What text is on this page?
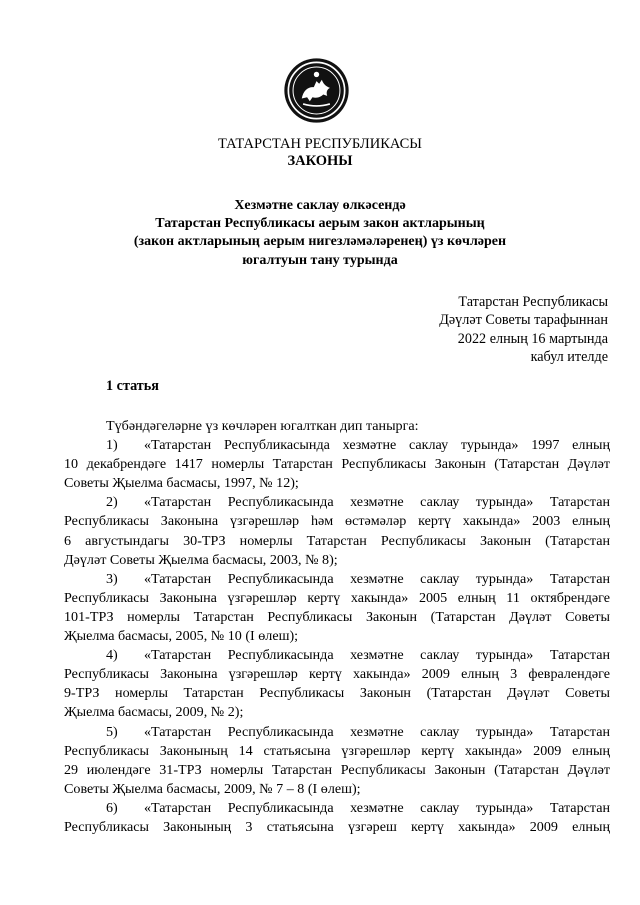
ТАТАРСТАН РЕСПУБЛИКАСЫ
ЗАКОНЫ
Хезмәтне саклау өлкәсендә
Татарстан Республикасы аерым закон актларының
(закон актларының аерым нигезләмәләренең) үз көчләрен
югалтуын тану турында
Татарстан Республикасы
Дәүләт Советы тарафыннан
2022 елның 16 мартында
кабул ителде
1 статья
Түбәндәгеләрне үз көчләрен югалткан дип танырга:
1) «Татарстан Республикасында хезмәтне саклау турында» 1997 елның
10 декабрендәге 1417 номерлы Татарстан Республикасы Законын (Татарстан Дәүләт
Советы Җыелма басмасы, 1997, № 12);
2) «Татарстан Республикасында хезмәтне саклау турында» Татарстан
Республикасы Законына үзгәрешләр һәм өстәмәләр кертү хакында» 2003 елның
6 августындагы 30-ТРЗ номерлы Татарстан Республикасы Законын (Татарстан
Дәүләт Советы Җыелма басмасы, 2003, № 8);
3) «Татарстан Республикасында хезмәтне саклау турында» Татарстан
Республикасы Законына үзгәрешләр кертү хакында» 2005 елның 11 октябрендәге
101-ТРЗ номерлы Татарстан Республикасы Законын (Татарстан Дәүләт Советы
Җыелма басмасы, 2005, № 10 (I өлеш);
4) «Татарстан Республикасында хезмәтне саклау турында» Татарстан
Республикасы Законына үзгәрешләр кертү хакында» 2009 елның 3 февралендәге
9-ТРЗ номерлы Татарстан Республикасы Законын (Татарстан Дәүләт Советы
Җыелма басмасы, 2009, № 2);
5) «Татарстан Республикасында хезмәтне саклау турында» Татарстан
Республикасы Законының 14 статьясына үзгәрешләр кертү хакында» 2009 елның
29 июлендәге 31-ТРЗ номерлы Татарстан Республикасы Законын (Татарстан Дәүләт
Советы Җыелма басмасы, 2009, № 7 – 8 (I өлеш);
6) «Татарстан Республикасында хезмәтне саклау турында» Татарстан
Республикасы Законының 3 статьясына үзгәреш кертү хакында» 2009 елның
